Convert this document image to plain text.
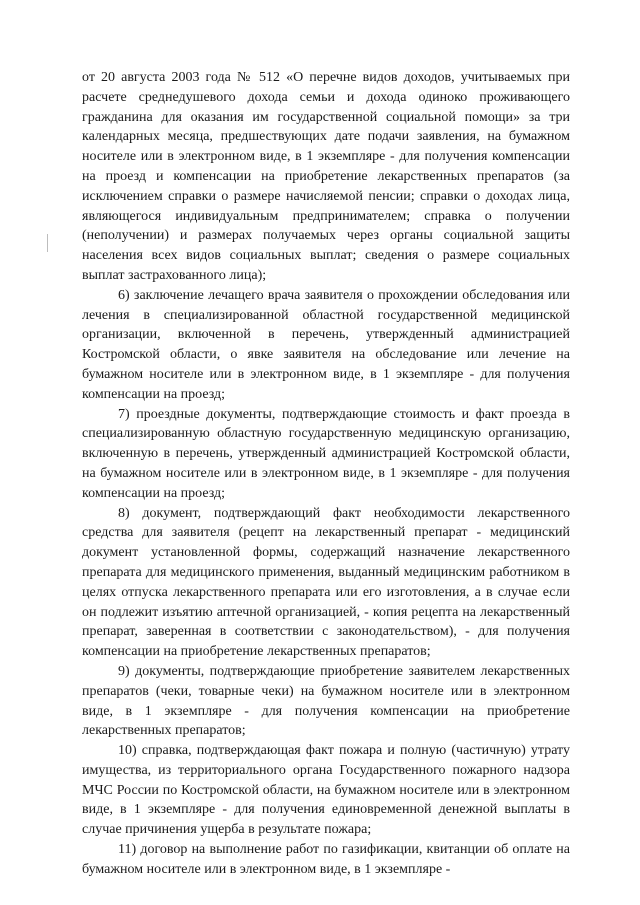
от 20 августа 2003 года № 512 «О перечне видов доходов, учитываемых при расчете среднедушевого дохода семьи и дохода одиноко проживающего гражданина для оказания им государственной социальной помощи» за три календарных месяца, предшествующих дате подачи заявления, на бумажном носителе или в электронном виде, в 1 экземпляре - для получения компенсации на проезд и компенсации на приобретение лекарственных препаратов (за исключением справки о размере начисляемой пенсии; справки о доходах лица, являющегося индивидуальным предпринимателем; справка о получении (неполучении) и размерах получаемых через органы социальной защиты населения всех видов социальных выплат; сведения о размере социальных выплат застрахованного лица);

6) заключение лечащего врача заявителя о прохождении обследования или лечения в специализированной областной государственной медицинской организации, включенной в перечень, утвержденный администрацией Костромской области, о явке заявителя на обследование или лечение на бумажном носителе или в электронном виде, в 1 экземпляре - для получения компенсации на проезд;

7) проездные документы, подтверждающие стоимость и факт проезда в специализированную областную государственную медицинскую организацию, включенную в перечень, утвержденный администрацией Костромской области, на бумажном носителе или в электронном виде, в 1 экземпляре - для получения компенсации на проезд;

8) документ, подтверждающий факт необходимости лекарственного средства для заявителя (рецепт на лекарственный препарат - медицинский документ установленной формы, содержащий назначение лекарственного препарата для медицинского применения, выданный медицинским работником в целях отпуска лекарственного препарата или его изготовления, а в случае если он подлежит изъятию аптечной организацией, - копия рецепта на лекарственный препарат, заверенная в соответствии с законодательством), - для получения компенсации на приобретение лекарственных препаратов;

9) документы, подтверждающие приобретение заявителем лекарственных препаратов (чеки, товарные чеки) на бумажном носителе или в электронном виде, в 1 экземпляре - для получения компенсации на приобретение лекарственных препаратов;

10) справка, подтверждающая факт пожара и полную (частичную) утрату имущества, из территориального органа Государственного пожарного надзора МЧС России по Костромской области, на бумажном носителе или в электронном виде, в 1 экземпляре - для получения единовременной денежной выплаты в случае причинения ущерба в результате пожара;

11) договор на выполнение работ по газификации, квитанции об оплате на бумажном носителе или в электронном виде, в 1 экземпляре -
